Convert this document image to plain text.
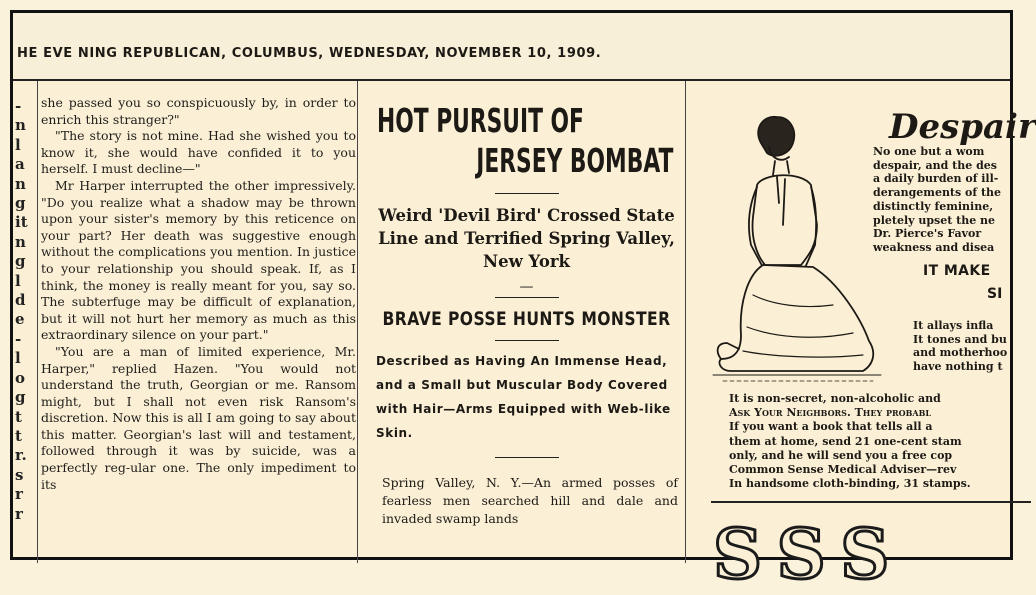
HE EVE NING REPUBLICAN, COLUMBUS, WEDNESDAY, NOVEMBER 10, 1909.
-
n
l
a
n
g
it
n
g
l
d
e
-
l
o
g
t
t
r.
s
r
r

she passed you so conspicuously by, in order to enrich this stranger?"

"The story is not mine. Had she wished you to know it, she would have confided it to you herself. I must decline—"

Mr Harper interrupted the other impressively. "Do you realize what a shadow may be thrown upon your sister's memory by this reticence on your part? Her death was suggestive enough without the complications you mention. In justice to your relationship you should speak. If, as I think, the money is really meant for you, say so. The subterfuge may be difficult of explanation, but it will not hurt her memory as much as this extraordinary silence on your part."

"You are a man of limited experience, Mr. Harper," replied Hazen. "You would not understand the truth, Georgian or me. Ransom might, but I shall not even risk Ransom's discretion. Now this is all I am going to say about this matter. Georgian's last will and testament, followed through it was by suicide, was a perfectly reg-ular one. The only impediment to its

HOT PURSUIT OF
JERSEY BOMBAT
Weird 'Devil Bird' Crossed State Line and Terrified Spring Valley, New York
—
BRAVE POSSE HUNTS MONSTER
Described as Having An Immense Head, and a Small but Muscular Body Covered with Hair—Arms Equipped with Web-like Skin.
Spring Valley, N. Y.—An armed posses of fearless men searched hill and dale and invaded swamp lands
Despair
No one but a wom
despair, and the des
a daily burden of ill-
derangements of the
distinctly feminine,
pletely upset the ne
Dr. Pierce's Favor
weakness and disea
IT MAKE
SI
It allays infla
It tones and bu
and motherhoo
have nothing t
It is non-secret, non-alcoholic and
Ask Your Neighbors. They probabl
If you want a book that tells all a
them at home, send 21 one-cent stam
only, and he will send you a free cop
Common Sense Medical Adviser—rev
In handsome cloth-binding, 31 stamps.
SSS
